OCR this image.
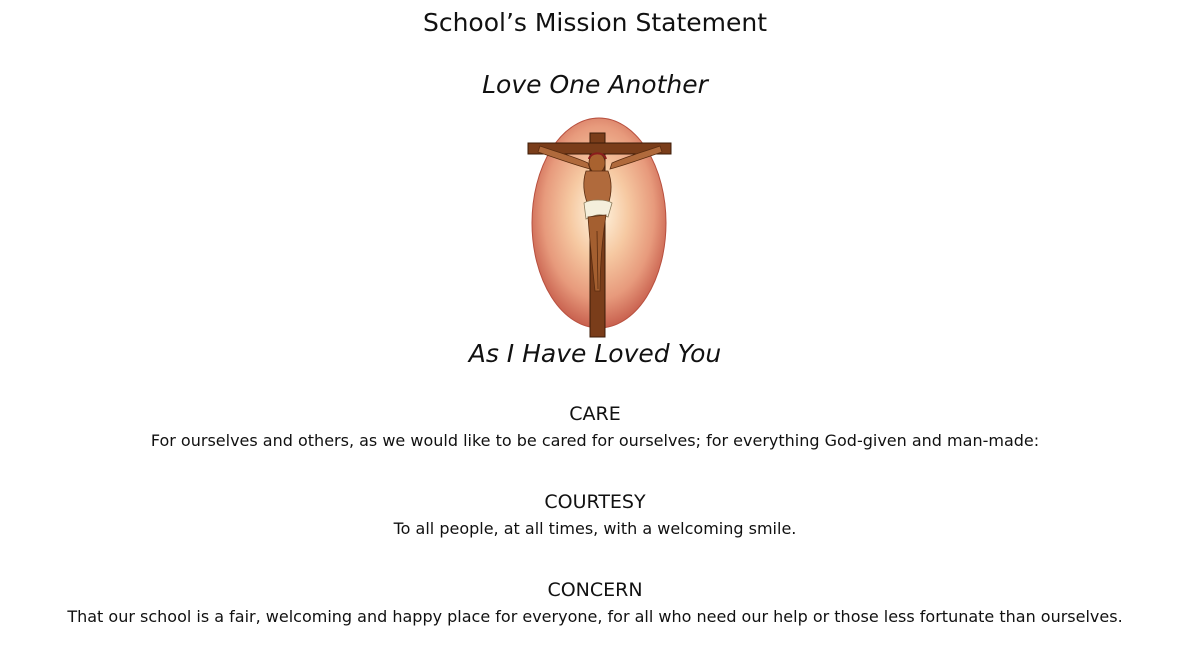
School’s Mission Statement
Love One Another
As I Have Loved You
CARE
For ourselves and others, as we would like to be cared for ourselves; for everything God-given and man-made:
COURTESY
To all people, at all times, with a welcoming smile.
CONCERN
That our school is a fair, welcoming and happy place for everyone, for all who need our help or those less fortunate than ourselves.
